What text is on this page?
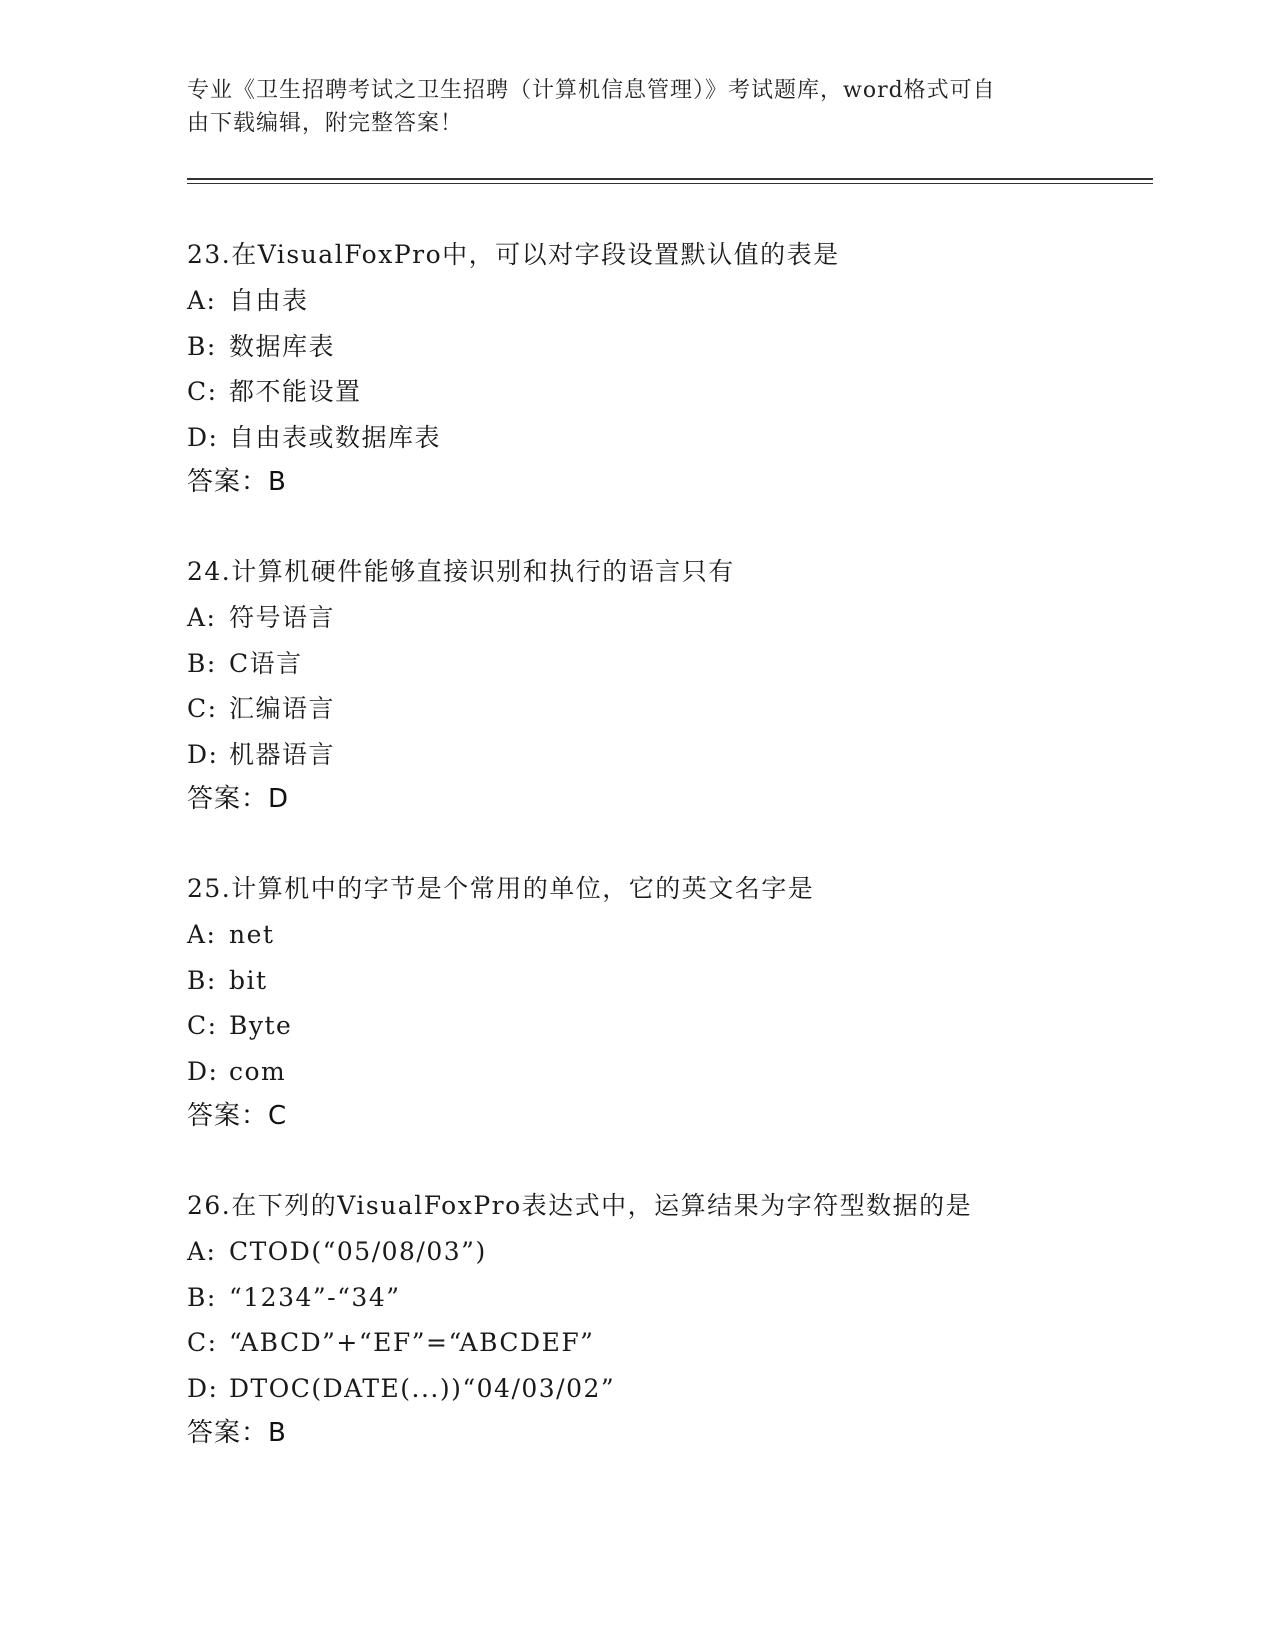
专业《卫生招聘考试之卫生招聘（计算机信息管理）》考试题库，word格式可自
由下载编辑，附完整答案！
23.在VisualFoxPro中，可以对字段设置默认值的表是
A: 自由表
B: 数据库表
C: 都不能设置
D: 自由表或数据库表
答案：B
24.计算机硬件能够直接识别和执行的语言只有
A: 符号语言
B: C语言
C: 汇编语言
D: 机器语言
答案：D
25.计算机中的字节是个常用的单位，它的英文名字是
A: net
B: bit
C: Byte
D: com
答案：C
26.在下列的VisualFoxPro表达式中，运算结果为字符型数据的是
A: CTOD(“05/08/03”)
B: “1234”-“34”
C: “ABCD”+“EF”=“ABCDEF”
D: DTOC(DATE(...))“04/03/02”
答案：B
